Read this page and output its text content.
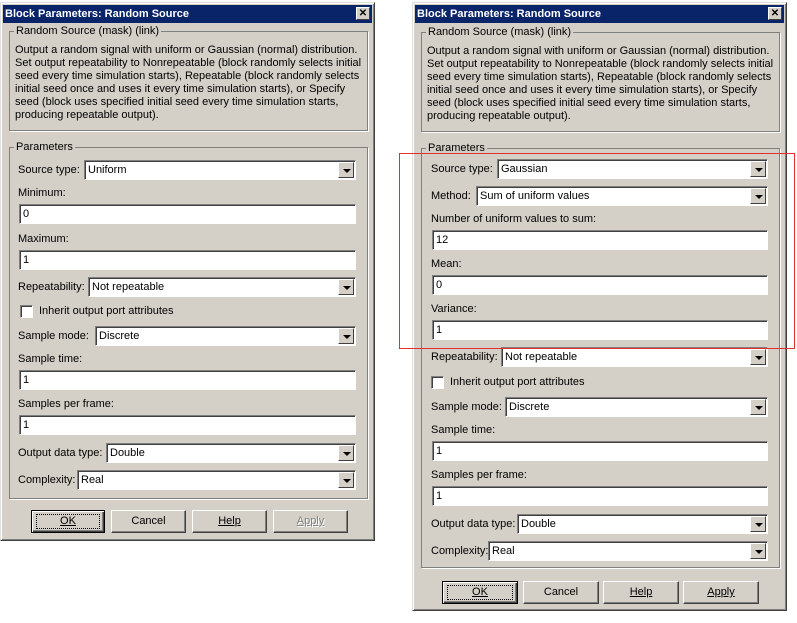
Block Parameters: Random Source	✕
Random Source (mask) (link)
Output a random signal with uniform or Gaussian (normal) distribution. Set output repeatability to Nonrepeatable (block randomly selects initial seed every time simulation starts), Repeatable (block randomly selects initial seed once and uses it every time simulation starts), or Specify seed (block uses specified initial seed every time simulation starts, producing repeatable output).
Parameters
Source type: Uniform
Minimum:
0
Maximum:
1
Repeatability: Not repeatable
Inherit output port attributes
Sample mode: Discrete
Sample time:
1
Samples per frame:
1
Output data type: Double
Complexity: Real
OK	Cancel	Help	Apply
Block Parameters: Random Source	✕
Random Source (mask) (link)
Output a random signal with uniform or Gaussian (normal) distribution. Set output repeatability to Nonrepeatable (block randomly selects initial seed every time simulation starts), Repeatable (block randomly selects initial seed once and uses it every time simulation starts), or Specify seed (block uses specified initial seed every time simulation starts, producing repeatable output).
Parameters
Source type: Gaussian
Method: Sum of uniform values
Number of uniform values to sum:
12
Mean:
0
Variance:
1
Repeatability: Not repeatable
Inherit output port attributes
Sample mode: Discrete
Sample time:
1
Samples per frame:
1
Output data type: Double
Complexity: Real
OK	Cancel	Help	Apply
